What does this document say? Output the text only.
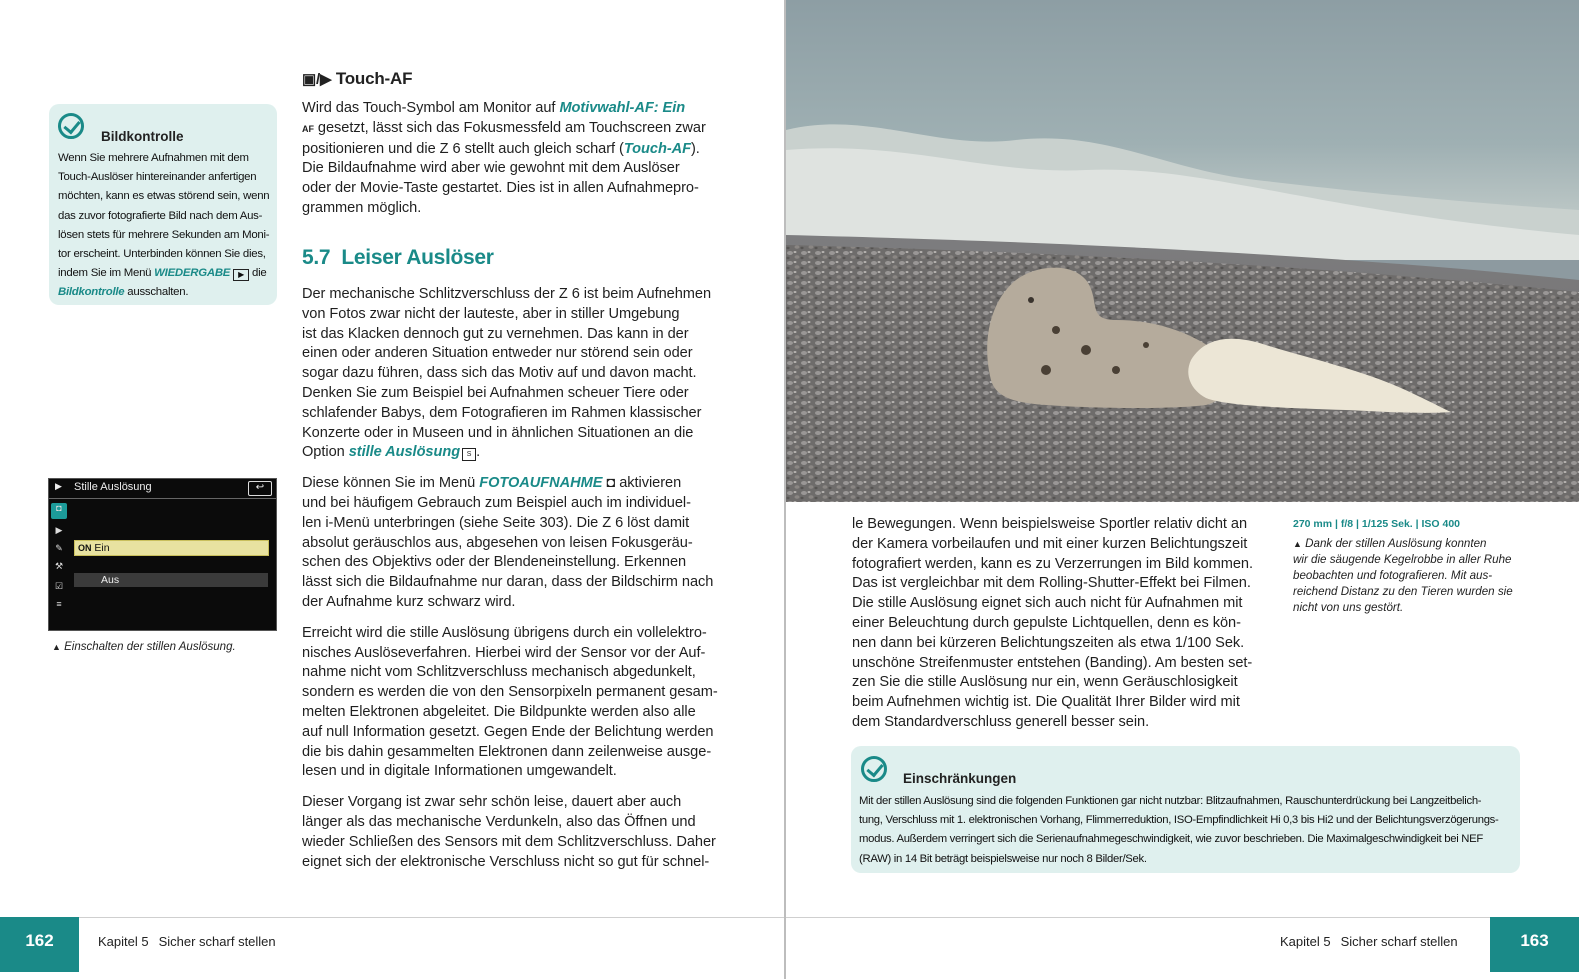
Bildkontrolle
Wenn Sie mehrere Aufnahmen mit dem
Touch-Auslöser hintereinander anfertigen
möchten, kann es etwas störend sein, wenn
das zuvor fotografierte Bild nach dem Aus-
lösen stets für mehrere Sekunden am Moni-
tor erscheint. Unterbinden können Sie dies,
indem Sie im Menü WIEDERGABE ▶ die
Bildkontrolle ausschalten.
▣/▶ Touch-AF
Wird das Touch-Symbol am Monitor auf Motivwahl-AF: Ein
AF gesetzt, lässt sich das Fokusmessfeld am Touchscreen zwar
positionieren und die Z 6 stellt auch gleich scharf (Touch-AF).
Die Bildaufnahme wird aber wie gewohnt mit dem Auslöser
oder der Movie-Taste gestartet. Dies ist in allen Aufnahmepro-
grammen möglich.
5.7 Leiser Auslöser

Der mechanische Schlitzverschluss der Z 6 ist beim Aufnehmen
von Fotos zwar nicht der lauteste, aber in stiller Umgebung
ist das Klacken dennoch gut zu vernehmen. Das kann in der
einen oder anderen Situation entweder nur störend sein oder
sogar dazu führen, dass sich das Motiv auf und davon macht.
Denken Sie zum Beispiel bei Aufnahmen scheuer Tiere oder
schlafender Babys, dem Fotografieren im Rahmen klassischer
Konzerte oder in Museen und in ähnlichen Situationen an die
Option stille Auslösung S .

Diese können Sie im Menü FOTOAUFNAHME ◘ aktivieren
und bei häufigem Gebrauch zum Beispiel auch im individuel-
len i-Menü unterbringen (siehe Seite 303). Die Z 6 löst damit
absolut geräuschlos aus, abgesehen von leisen Fokusgeräu-
schen des Objektivs oder der Blendeneinstellung. Erkennen
lässt sich die Bildaufnahme nur daran, dass der Bildschirm nach
der Aufnahme kurz schwarz wird.

Erreicht wird die stille Auslösung übrigens durch ein vollelektro-
nisches Auslöseverfahren. Hierbei wird der Sensor vor der Auf-
nahme nicht vom Schlitzverschluss mechanisch abgedunkelt,
sondern es werden die von den Sensorpixeln permanent gesam-
melten Elektronen abgeleitet. Die Bildpunkte werden also alle
auf null Information gesetzt. Gegen Ende der Belichtung werden
die bis dahin gesammelten Elektronen dann zeilenweise ausge-
lesen und in digitale Informationen umgewandelt.

Dieser Vorgang ist zwar sehr schön leise, dauert aber auch
länger als das mechanische Verdunkeln, also das Öffnen und
wieder Schließen des Sensors mit dem Schlitzverschluss. Daher
eignet sich der elektronische Verschluss nicht so gut für schnel-

▶ Stille Auslösung	↩
◘
▶
✎
⚒
☑
≡
ON Ein
Aus
▲ Einschalten der stillen Auslösung.
162	Kapitel 5 Sicher scharf stellen
270 mm | f/8 | 1/125 Sek. | ISO 400
▲ Dank der stillen Auslösung konnten
wir die säugende Kegelrobbe in aller Ruhe
beobachten und fotografieren. Mit aus-
reichend Distanz zu den Tieren wurden sie
nicht von uns gestört.
le Bewegungen. Wenn beispielsweise Sportler relativ dicht an
der Kamera vorbeilaufen und mit einer kurzen Belichtungszeit
fotografiert werden, kann es zu Verzerrungen im Bild kommen.
Das ist vergleichbar mit dem Rolling-Shutter-Effekt bei Filmen.
Die stille Auslösung eignet sich auch nicht für Aufnahmen mit
einer Beleuchtung durch gepulste Lichtquellen, denn es kön-
nen dann bei kürzeren Belichtungszeiten als etwa 1/100 Sek.
unschöne Streifenmuster entstehen (Banding). Am besten set-
zen Sie die stille Auslösung nur ein, wenn Geräuschlosigkeit
beim Aufnehmen wichtig ist. Die Qualität Ihrer Bilder wird mit
dem Standardverschluss generell besser sein.
Einschränkungen
Mit der stillen Auslösung sind die folgenden Funktionen gar nicht nutzbar: Blitzaufnahmen, Rauschunterdrückung bei Langzeitbelich-
tung, Verschluss mit 1. elektronischen Vorhang, Flimmerreduktion, ISO-Empfindlichkeit Hi 0,3 bis Hi2 und der Belichtungsverzögerungs-
modus. Außerdem verringert sich die Serienaufnahmegeschwindigkeit, wie zuvor beschrieben. Die Maximalgeschwindigkeit bei NEF
(RAW) in 14 Bit beträgt beispielsweise nur noch 8 Bilder/Sek.
Kapitel 5 Sicher scharf stellen	163
